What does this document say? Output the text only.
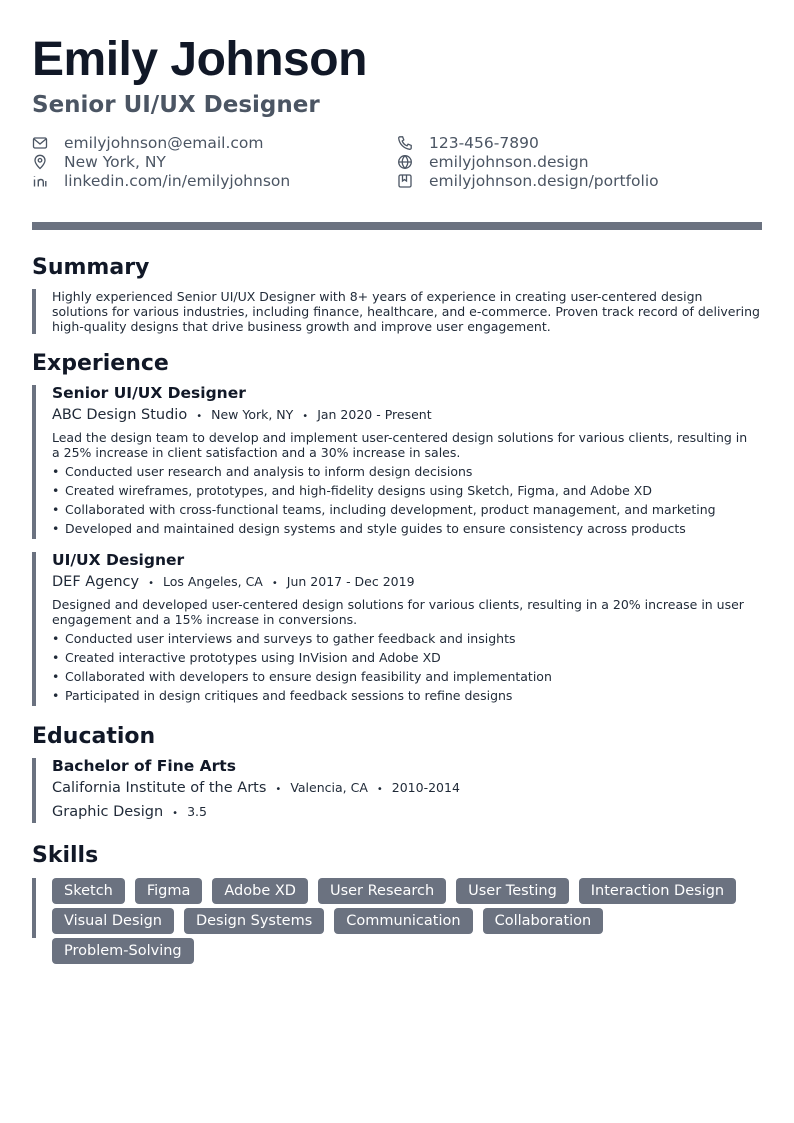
Emily Johnson
Senior UI/UX Designer
emilyjohnson@email.com	123-456-7890
New York, NY	emilyjohnson.design
linkedin.com/in/emilyjohnson	emilyjohnson.design/portfolio
Summary

Highly experienced Senior UI/UX Designer with 8+ years of experience in creating user-centered design solutions for various industries, including finance, healthcare, and e-commerce. Proven track record of delivering high-quality designs that drive business growth and improve user engagement.

Experience
Senior UI/UX Designer
ABC Design Studio • New York, NY • Jan 2020 - Present

Lead the design team to develop and implement user-centered design solutions for various clients, resulting in a 25% increase in client satisfaction and a 30% increase in sales.

• Conducted user research and analysis to inform design decisions
• Created wireframes, prototypes, and high-fidelity designs using Sketch, Figma, and Adobe XD
• Collaborated with cross-functional teams, including development, product management, and marketing
• Developed and maintained design systems and style guides to ensure consistency across products
UI/UX Designer
DEF Agency • Los Angeles, CA • Jun 2017 - Dec 2019

Designed and developed user-centered design solutions for various clients, resulting in a 20% increase in user engagement and a 15% increase in conversions.

• Conducted user interviews and surveys to gather feedback and insights
• Created interactive prototypes using InVision and Adobe XD
• Collaborated with developers to ensure design feasibility and implementation
• Participated in design critiques and feedback sessions to refine designs
Education
Bachelor of Fine Arts
California Institute of the Arts • Valencia, CA • 2010-2014
Graphic Design • 3.5
Skills
Sketch	Figma	Adobe XD	User Research	User Testing	Interaction Design
Visual Design	Design Systems	Communication	Collaboration
Problem-Solving
